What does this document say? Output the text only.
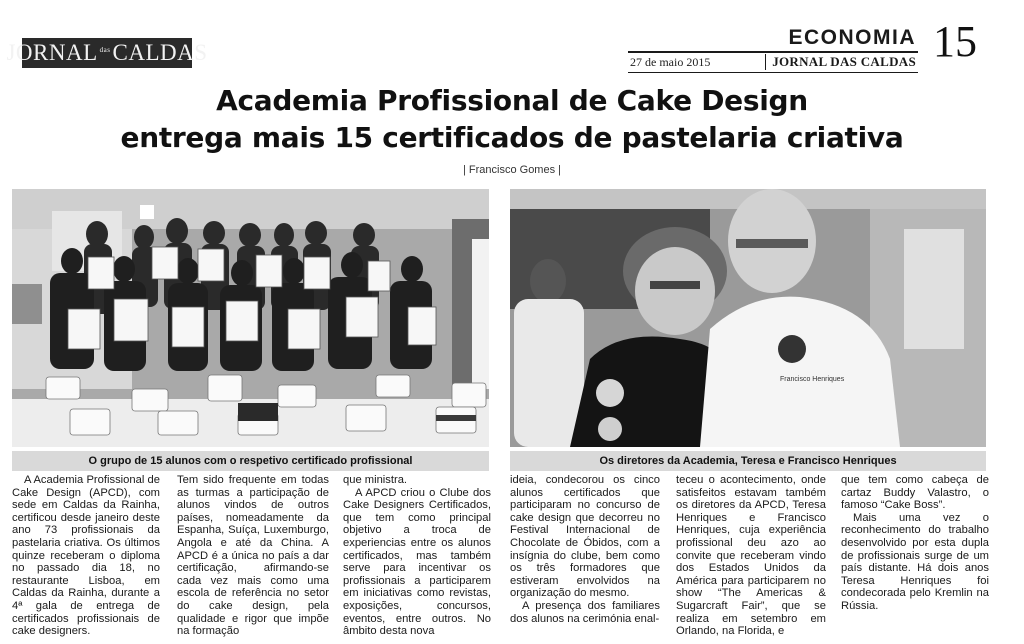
JORNAL das CALDAS
ECONOMIA
27 de maio 2015	JORNAL DAS CALDAS 15
Academia Profissional de Cake Design
entrega mais 15 certificados de pastelaria criativa
| Francisco Gomes |
O grupo de 15 alunos com o respetivo certificado profissional
Francisco Henriques
Os diretores da Academia, Teresa e Francisco Henriques

A Academia Profissional de Cake Design (APCD), com sede em Caldas da Rainha, certificou desde janeiro deste ano 73 profissionais da pastelaria criativa. Os últimos quinze receberam o diploma no passado dia 18, no restaurante Lisboa, em Caldas da Rainha, durante a 4ª gala de entrega de certificados profissionais de cake designers.

Tem sido frequente em todas as turmas a participação de alunos vindos de outros países, nomeadamente da Espanha, Suíça, Luxemburgo, Angola e até da China. A APCD é a única no país a dar certificação, afirmando-se cada vez mais como uma escola de referência no setor do cake design, pela qualidade e rigor que impõe na formação

que ministra.

A APCD criou o Clube dos Cake Designers Certificados, que tem como principal objetivo a troca de experiencias entre os alunos certificados, mas também serve para incentivar os profissionais a participarem em iniciativas como revistas, exposições, concursos, eventos, entre outros. No âmbito desta nova

ideia, condecorou os cinco alunos certificados que participaram no concurso de cake design que decorreu no Festival Internacional de Chocolate de Óbidos, com a insígnia do clube, bem como os três formadores que estiveram envolvidos na organização do mesmo.

A presença dos familiares dos alunos na cerimónia enal-

teceu o acontecimento, onde satisfeitos estavam também os diretores da APCD, Teresa Henriques e Francisco Henriques, cuja experiência profissional deu azo ao convite que receberam vindo dos Estados Unidos da América para participarem no show “The Americas & Sugarcraft Fair”, que se realiza em setembro em Orlando, na Florida, e

que tem como cabeça de cartaz Buddy Valastro, o famoso “Cake Boss”.

Mais uma vez o reconhecimento do trabalho desenvolvido por esta dupla de profissionais surge de um país distante. Há dois anos Teresa Henriques foi condecorada pelo Kremlin na Rússia.
